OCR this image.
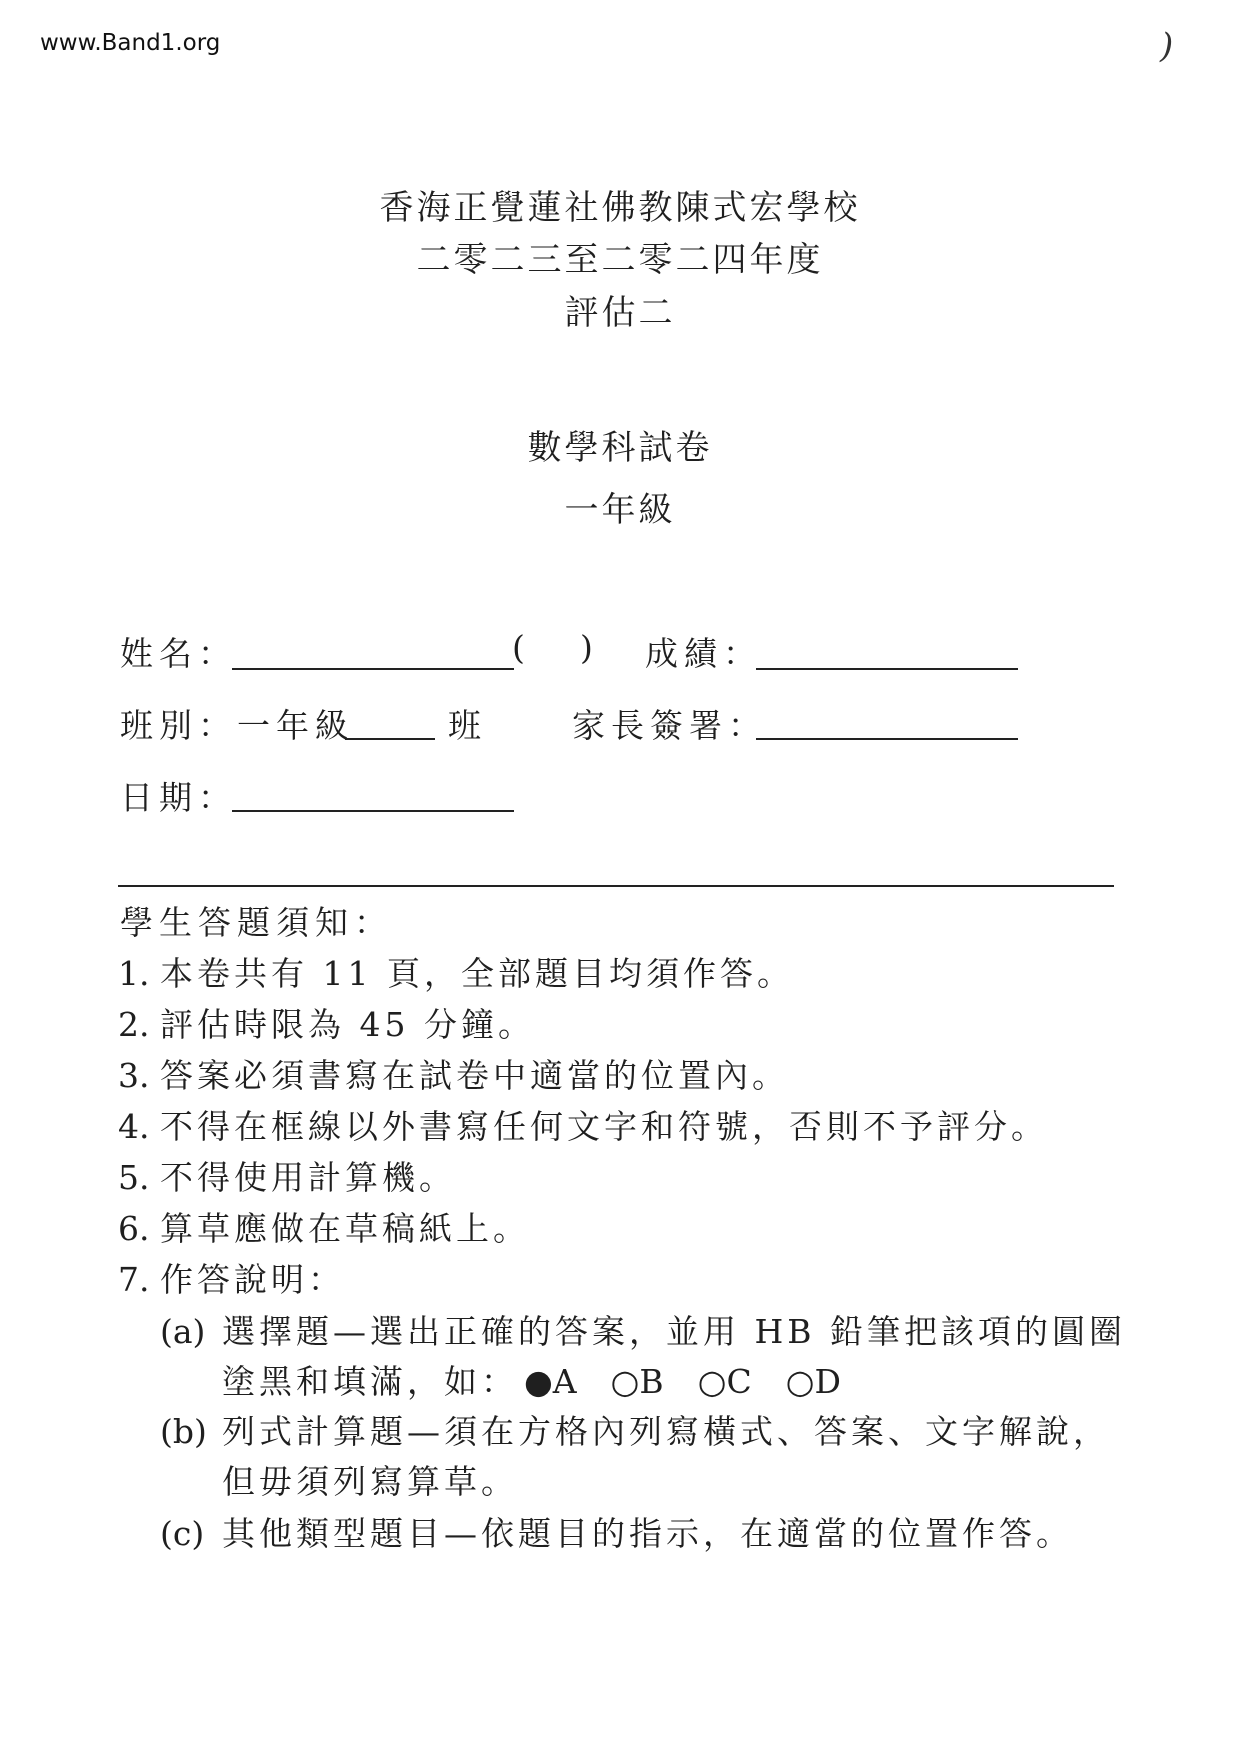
www.Band1.org	)
香海正覺蓮社佛教陳式宏學校
二零二三至二零二四年度
評估二
數學科試卷
一年級
姓名：	( ) 成績：
班別：一年級	班	家長簽署：
日期：
學生答題須知：
1. 本卷共有 11 頁，全部題目均須作答。
2. 評估時限為 45 分鐘。
3. 答案必須書寫在試卷中適當的位置內。
4. 不得在框線以外書寫任何文字和符號，否則不予評分。
5. 不得使用計算機。
6. 算草應做在草稿紙上。
7. 作答說明：
(a) 選擇題—選出正確的答案，並用 HB 鉛筆把該項的圓圈
塗黑和填滿，如： ●A ○B ○C ○D
(b) 列式計算題—須在方格內列寫橫式、答案、文字解說，
但毋須列寫算草。
(c) 其他類型題目—依題目的指示，在適當的位置作答。
